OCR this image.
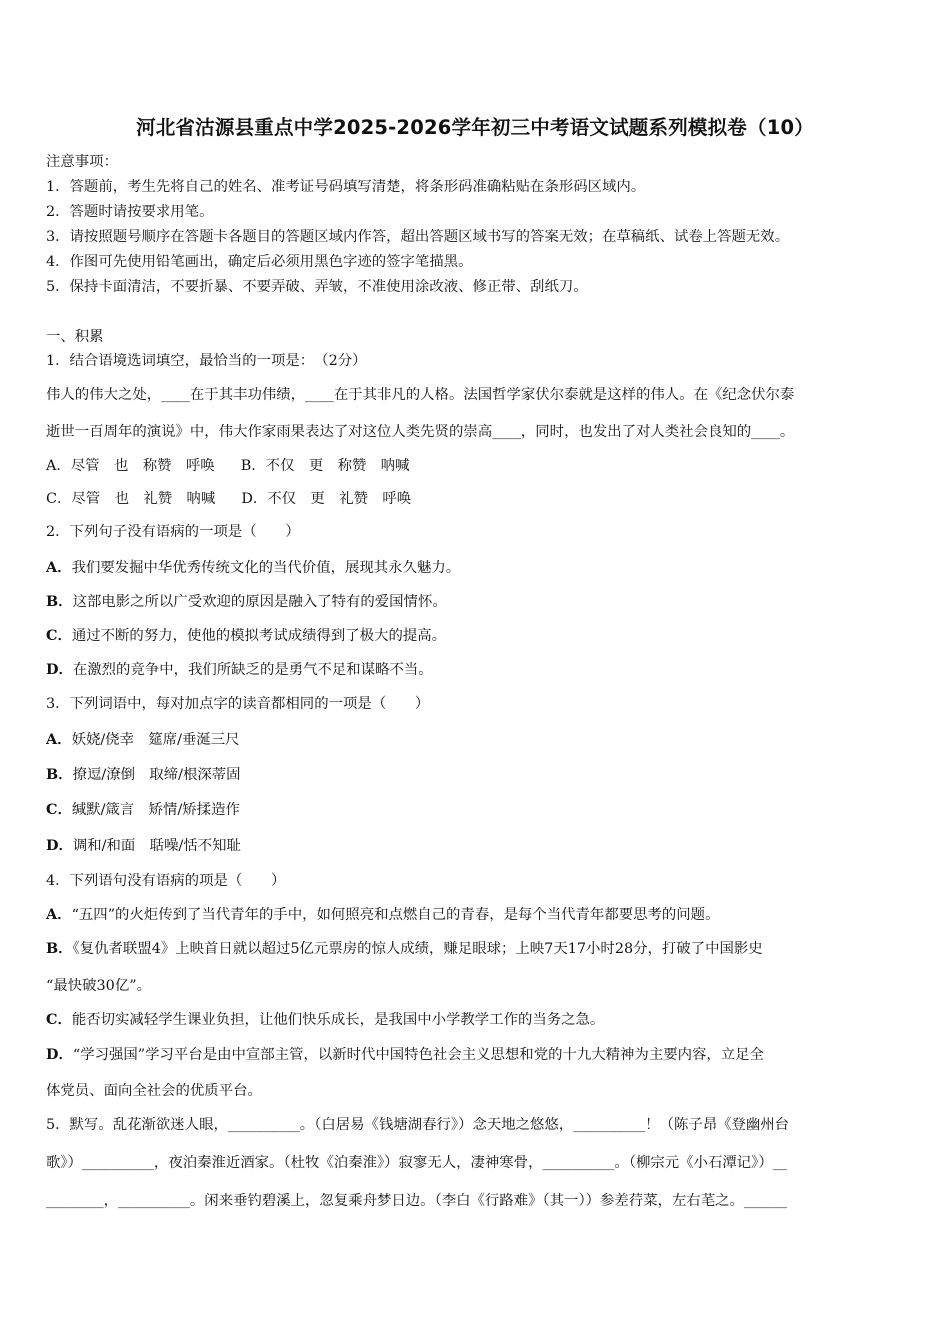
河北省沽源县重点中学2025-2026学年初三中考语文试题系列模拟卷（10）
注意事项：
1．答题前，考生先将自己的姓名、准考证号码填写清楚，将条形码准确粘贴在条形码区域内。
2．答题时请按要求用笔。
3．请按照题号顺序在答题卡各题目的答题区域内作答，超出答题区域书写的答案无效；在草稿纸、试卷上答题无效。
4．作图可先使用铅笔画出，确定后必须用黑色字迹的签字笔描黑。
5．保持卡面清洁，不要折暴、不要弄破、弄皱，不准使用涂改液、修正带、刮纸刀。
一、积累
1．结合语境选词填空，最恰当的一项是：　（2分）
伟人的伟大之处，____在于其丰功伟绩，____在于其非凡的人格。法国哲学家伏尔泰就是这样的伟人。在《纪念伏尔泰
逝世一百周年的演说》中，伟大作家雨果表达了对这位人类先贤的崇高____，同时，也发出了对人类社会良知的____。
A．尽管　也　称赞　呼唤 B．不仅　更　称赞　呐喊
C．尽管　也　礼赞　呐喊 D．不仅　更　礼赞　呼唤
2．下列句子没有语病的一项是（　　）
A．我们要发掘中华优秀传统文化的当代价值，展现其永久魅力。
B．这部电影之所以广受欢迎的原因是融入了特有的爱国情怀。
C．通过不断的努力，使他的模拟考试成绩得到了极大的提高。
D．在激烈的竞争中，我们所缺乏的是勇气不足和谋略不当。
3．下列词语中，每对加点字的读音都相同的一项是（　　）
A．妖娆/侥幸　筵席/垂涎三尺
B．撩逗/潦倒　取缔/根深蒂固
C．缄默/箴言　矫情/矫揉造作
D．调和/和面　聒噪/恬不知耻
4．下列语句没有语病的项是（　　）
A．“五四”的火炬传到了当代青年的手中，如何照亮和点燃自己的青春，是每个当代青年都要思考的问题。
B．《复仇者联盟4》上映首日就以超过5亿元票房的惊人成绩，赚足眼球；上映7天17小时28分，打破了中国影史
“最快破30亿”。
C．能否切实减轻学生课业负担，让他们快乐成长，是我国中小学教学工作的当务之急。
D．“学习强国”学习平台是由中宣部主管，以新时代中国特色社会主义思想和党的十九大精神为主要内容，立足全
体党员、面向全社会的优质平台。
5．默写。乱花渐欲迷人眼，__________。（白居易《钱塘湖春行》）念天地之悠悠，__________！（陈子昂《登幽州台
歌》）__________，夜泊秦淮近酒家。（杜牧《泊秦淮》）寂寥无人，凄神寒骨，__________。（柳宗元《小石潭记》）__
________，__________。闲来垂钓碧溪上，忽复乘舟梦日边。（李白《行路难》（其一））参差荇菜，左右芼之。______
